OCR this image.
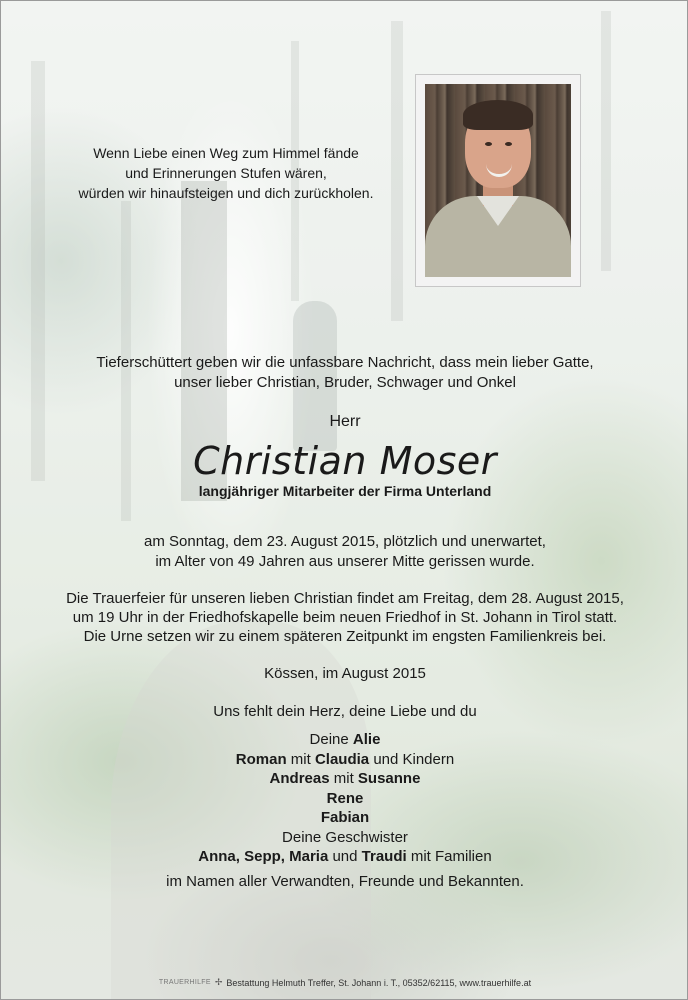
Wenn Liebe einen Weg zum Himmel fände
und Erinnerungen Stufen wären,
würden wir hinaufsteigen und dich zurückholen.
Tieferschüttert geben wir die unfassbare Nachricht, dass mein lieber Gatte,
unser lieber Christian, Bruder, Schwager und Onkel
Herr
Christian Moser
langjähriger Mitarbeiter der Firma Unterland
am Sonntag, dem 23. August 2015, plötzlich und unerwartet,
im Alter von 49 Jahren aus unserer Mitte gerissen wurde.
Die Trauerfeier für unseren lieben Christian findet am Freitag, dem 28. August 2015,
um 19 Uhr in der Friedhofskapelle beim neuen Friedhof in St. Johann in Tirol statt.
Die Urne setzen wir zu einem späteren Zeitpunkt im engsten Familienkreis bei.
Kössen, im August 2015
Uns fehlt dein Herz, deine Liebe und du
Deine Alie
Roman mit Claudia und Kindern
Andreas mit Susanne
Rene
Fabian
Deine Geschwister
Anna, Sepp, Maria und Traudi mit Familien
im Namen aller Verwandten, Freunde und Bekannten.
TRAUERHILFE ✢ Bestattung Helmuth Treffer, St. Johann i. T., 05352/62115, www.trauerhilfe.at
